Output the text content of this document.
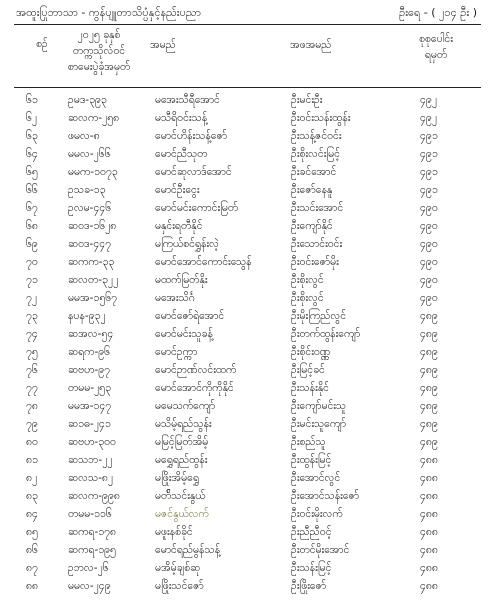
အထူးပြုဘာသာ - ကွန်ပျူတာသိပ္ပံနှင့်နည်းပညာ	ဦးရေ - ( ၂၁၄ ဦး )
စဉ်
၂၀၂၅ ခုနှစ်
တက္ကသိုလ်ဝင်
စာမေးပွဲခုံအမှတ်
အမည်	အဖအမည်	စုစုပေါင်း
ရမှတ်
၆၁	ဥမဒ-၃၉၃	မအေးသီရီအောင်	ဦးမင်းဦး	၄၉၂
၆၂	ဆလက-၂၅၈	မသီရိဝင်းသန့်	ဦးဝင်းသန်းထွန်း	၄၉၂
၆၃	ဖမလ-၈	မောင်ဟိန်းသန့်ဇော်	ဦးသန့်ဇင်ဝင်း	၄၉၁
၆၄	မမလ-၂၆၆	မောင်ညီသုတ	ဦးစိုးလင်းမြင့်	၄၉၁
၆၅	မမက-၁၀၇၃	မောင်ဆုလာဒ်အောင်	ဦးခင်အောင်	၄၉၁
၆၆	ဥသခ-၁၃	မောင်ဦးငွေး	ဦးဇော်နေနူ	၄၉၁
၆၇	ဥလမ-၄၄၆	မောင်မင်းကောင်းမြတ်	ဦးသင်းအောင်	၄၉၀
၆၈	ဆ၀ဒ-၁၆၂၈	မနှင်းရတီနိုင်	ဦးကျော်နိုင်	၄၉၀
၆၉	ဆ၀ဒ-၄၄၇	မကြယ်စင်ရွှန်းလဲ့	ဦးသောင်းဝင်း	၄၉၀
၇၀	ဆကက-၃၃	မောင်အောင်ကောင်းသွေန်	ဦးဝင်းဇော်မိုး	၄၉၀
၇၁	ဆလတ-၃၂၂	မထက်မြတ်နိုး	ဦးစိုးလွင်	၄၉၀
၇၂	မမအ-၁၅၆၇	မအေးသိင်္ဂ	ဦးစိုးလွင်	၄၉၀
၇၃	နပန-၉၃၂	မောင်ဇော်ရဲအောင်	ဦးမိုးကြည်လွင်	၄၈၉
၇၄	ဆအလ-၅၄	မောင်မင်းသူခန့်	ဦးတက်ထွန်းကျော်	၄၈၉
၇၅	ဆရက-၉၆	မောင်ဥက္ကာ	ဦးစိုင်းဝဏ္ဏ	၄၈၉
၇၆	ဆဗဟ-၉၇	မောင်ဉာဏ်လင်းထက်	ဦးမြင့်ခင်	၄၈၉
၇၇	တမမ-၂၅၃	မောင်အောင်ကိုကိုနိုင်	ဦးသန်းနိုင်	၄၈၉
၇၈	မမအ-၁၄၇	မမေသက်ကျော်	ဦးကျော်မင်းသူ	၄၈၉
၇၉	ဆ၁ဓ-၂၄၁	မသိမ့်ရည်သွန်း	ဦးမင်းသူကျော်	၄၈၉
၈၀	ဆဗဟ-၃၀၀	မမြင့်မြတ်အိမ့်	ဦးစည်သူ	၄၈၉
၈၁	ဆသဘ-၂၂	မရွှေရည်ထွန်း	ဦးထွန်းမြင့်	၄၈၈
၈၂	ဆလသ-၈၂	မဖြိုးအိမ့်ရွှေ	ဦးအောင်လွင်	၄၈၈
၈၃	ဆလက-၉၉၈	မတ်ိသင်းနွယ်	ဦးအောင်သန်းဇော်	၄၈၈
၈၄	တမမ-၁၁၆	မဇင်နွယ်လက်	ဦးဝင်းမိုးလက်	၄၈၈
၈၅	ဆကရ-၁၇၈	မဖူးနစ်ခိုင်	ဦးညီညီဝင့်	၄၈၈
၈၆	ဆကရ-၁၉၅	မောင်ရည်မွန်သန့်	ဦးတင်မိုးအောင်	၄၈၈
၈၇	ဥဘလ-၂၆	မအိမ့်ချစ်ဆု	ဦးသန်းမြင့်	၄၈၈
၈၈	မမလ-၂၄၉	မဖြိုးသင်ဇော်	ဦးဖြိုးဇော်	၄၈၈
